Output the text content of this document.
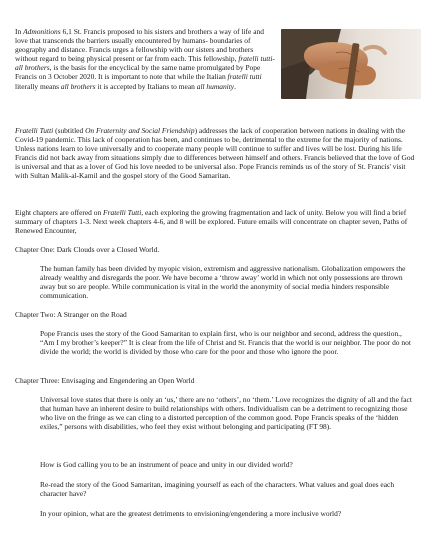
In Admonitions 6,1 St. Francis proposed to his sisters and brothers a way of life and love that transcends the barriers usually encountered by humans- boundaries of geography and distance. Francis urges a fellowship with our sisters and brothers without regard to being physical present or far from each. This fellowship, fratelli tutti- all brothers, is the basis for the encyclical by the same name promulgated by Pope Francis on 3 October 2020. It is important to note that while the Italian fratelli tutti literally means all brothers it is accepted by Italians to mean all humanity.

Fratelli Tutti (subtitled On Fraternity and Social Friendship) addresses the lack of cooperation between nations in dealing with the Covid-19 pandemic. This lack of cooperation has been, and continues to be, detrimental to the extreme for the majority of nations. Unless nations learn to love universally and to cooperate many people will continue to suffer and lives will be lost. During his life Francis did not back away from situations simply due to differences between himself and others. Francis believed that the love of God is universal and that as a lover of God his love needed to be universal also. Pope Francis reminds us of the story of St. Francis' visit with Sultan Malik-al-Kamil and the gospel story of the Good Samaritan.

Eight chapters are offered on Fratelli Tutti, each exploring the growing fragmentation and lack of unity. Below you will find a brief summary of chapters 1-3. Next week chapters 4-6, and 8 will be explored. Future emails will concentrate on chapter seven, Paths of Renewed Encounter,

Chapter One: Dark Clouds over a Closed World.

The human family has been divided by myopic vision, extremism and aggressive nationalism. Globalization empowers the already wealthy and disregards the poor. We have become a ‘throw away’ world in which not only possessions are thrown away but so are people. While communication is vital in the world the anonymity of social media hinders responsible communication.

Chapter Two: A Stranger on the Road

Pope Francis uses the story of the Good Samaritan to explain first, who is our neighbor and second, address the question., “Am I my brother’s keeper?” It is clear from the life of Christ and St. Francis that the world is our neighbor. The poor do not divide the world; the world is divided by those who care for the poor and those who ignore the poor.

Chapter Three: Envisaging and Engendering an Open World

Universal love states that there is only an ‘us,’ there are no ‘others’, no ‘them.’ Love recognizes the dignity of all and the fact that human have an inherent desire to build relationships with others. Individualism can be a detriment to recognizing those who live on the fringe as we can cling to a distorted perception of the common good. Pope Francis speaks of the ‘hidden exiles,” persons with disabilities, who feel they exist without belonging and participating (FT 98).

How is God calling you to be an instrument of peace and unity in our divided world?

Re-read the story of the Good Samaritan, imagining yourself as each of the characters. What values and goal does each character have?

In your opinion, what are the greatest detriments to envisioning/engendering a more inclusive world?
